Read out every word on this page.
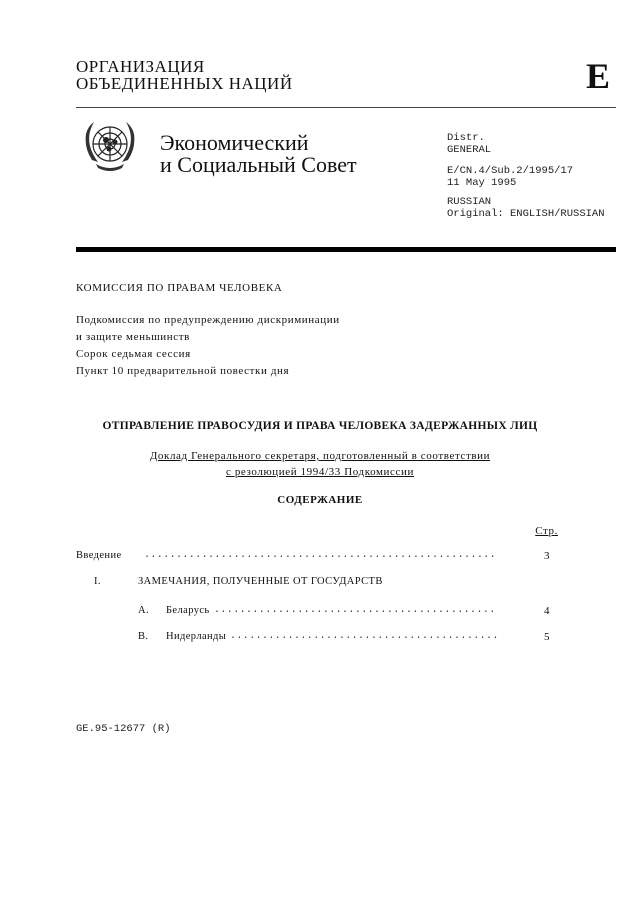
ОРГАНИЗАЦИЯ
ОБЪЕДИНЕННЫХ НАЦИЙ	E
Экономический
и Социальный Совет
Distr.
GENERAL
E/CN.4/Sub.2/1995/17
11 May 1995
RUSSIAN
Original: ENGLISH/RUSSIAN
КОМИССИЯ ПО ПРАВАМ ЧЕЛОВЕКА
Подкомиссия по предупреждению дискриминации
и защите меньшинств
Сорок седьмая сессия
Пункт 10 предварительной повестки дня
ОТПРАВЛЕНИЕ ПРАВОСУДИЯ И ПРАВА ЧЕЛОВЕКА ЗАДЕРЖАННЫХ ЛИЦ
Доклад Генерального секретаря, подготовленный в соответствии
с резолюцией 1994/33 Подкомиссии
СОДЕРЖАНИЕ
Стр.
Введение .......................................................	3
I.	ЗАМЕЧАНИЯ, ПОЛУЧЕННЫЕ ОТ ГОСУДАРСТВ
A. Беларусь ............................................	4
B. Нидерланды ..........................................	5
GE.95-12677 (R)
